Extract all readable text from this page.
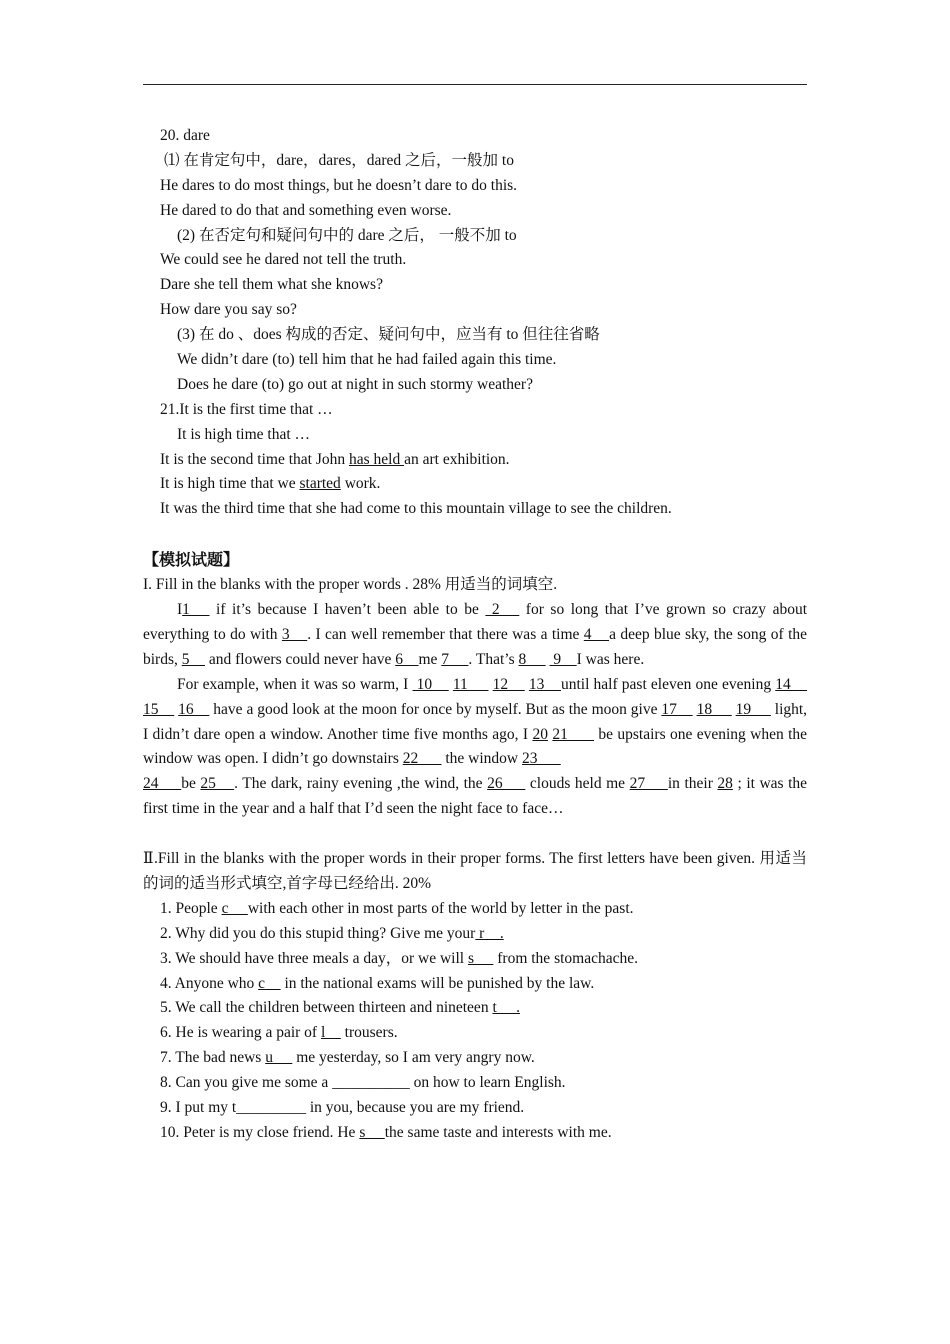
20. dare
⑴ 在肯定句中，dare，dares，dared 之后，一般加 to
He dares to do most things, but he doesn’t dare to do this.
He dared to do that and something even worse.
(2) 在否定句和疑问句中的 dare 之后， 一般不加 to
We could see he dared not tell the truth.
Dare she tell them what she knows?
How dare you say so?
(3) 在 do 、does 构成的否定、疑问句中，应当有 to 但往往省略
We didn’t dare (to) tell him that he had failed again this time.
Does he dare (to) go out at night in such stormy weather?
21.It is the first time that …
It is high time that …
It is the second time that John has held an art exhibition.
It is high time that we started work.
It was the third time that she had come to this mountain village to see the children.
【模拟试题】
I. Fill in the blanks with the proper words . 28% 用适当的词填空.
I1    if it’s because I haven’t been able to be  2    for so long that I’ve grown so crazy about everything to do with 3    . I can well remember that there was a time 4    a deep blue sky, the song of the birds, 5     and flowers could never have 6    me 7     . That’s 8       9    I was here.
For example, when it was so warm, I  10     11      12     13    until half past eleven one evening 14     15     16     have a good look at the moon for once by myself. But as the moon give 17     18      19      light, I didn’t dare open a window. Another time five months ago, I 20 21       be upstairs one evening when the window was open. I didn’t go downstairs 22       the window 23
24     be 25    . The dark, rainy evening ,the wind, the 26      clouds held me 27     in their 28 ; it was the first time in the year and a half that I’d seen the night face to face…
Ⅱ.Fill in the blanks with the proper words in their proper forms. The first letters have been given. 用适当的词的适当形式填空,首字母已经给出. 20%
1. People c     with each other in most parts of the world by letter in the past.
2. Why did you do this stupid thing? Give me your r    .
3. We should have three meals a day，or we will s      from the stomachache.
4. Anyone who c     in the national exams will be punished by the law.
5. We call the children between thirteen and nineteen t     .
6. He is wearing a pair of l     trousers.
7. The bad news u      me yesterday, so I am very angry now.
8. Can you give me some a __________ on how to learn English.
9. I put my t_________ in you, because you are my friend.
10. Peter is my close friend. He s     the same taste and interests with me.
